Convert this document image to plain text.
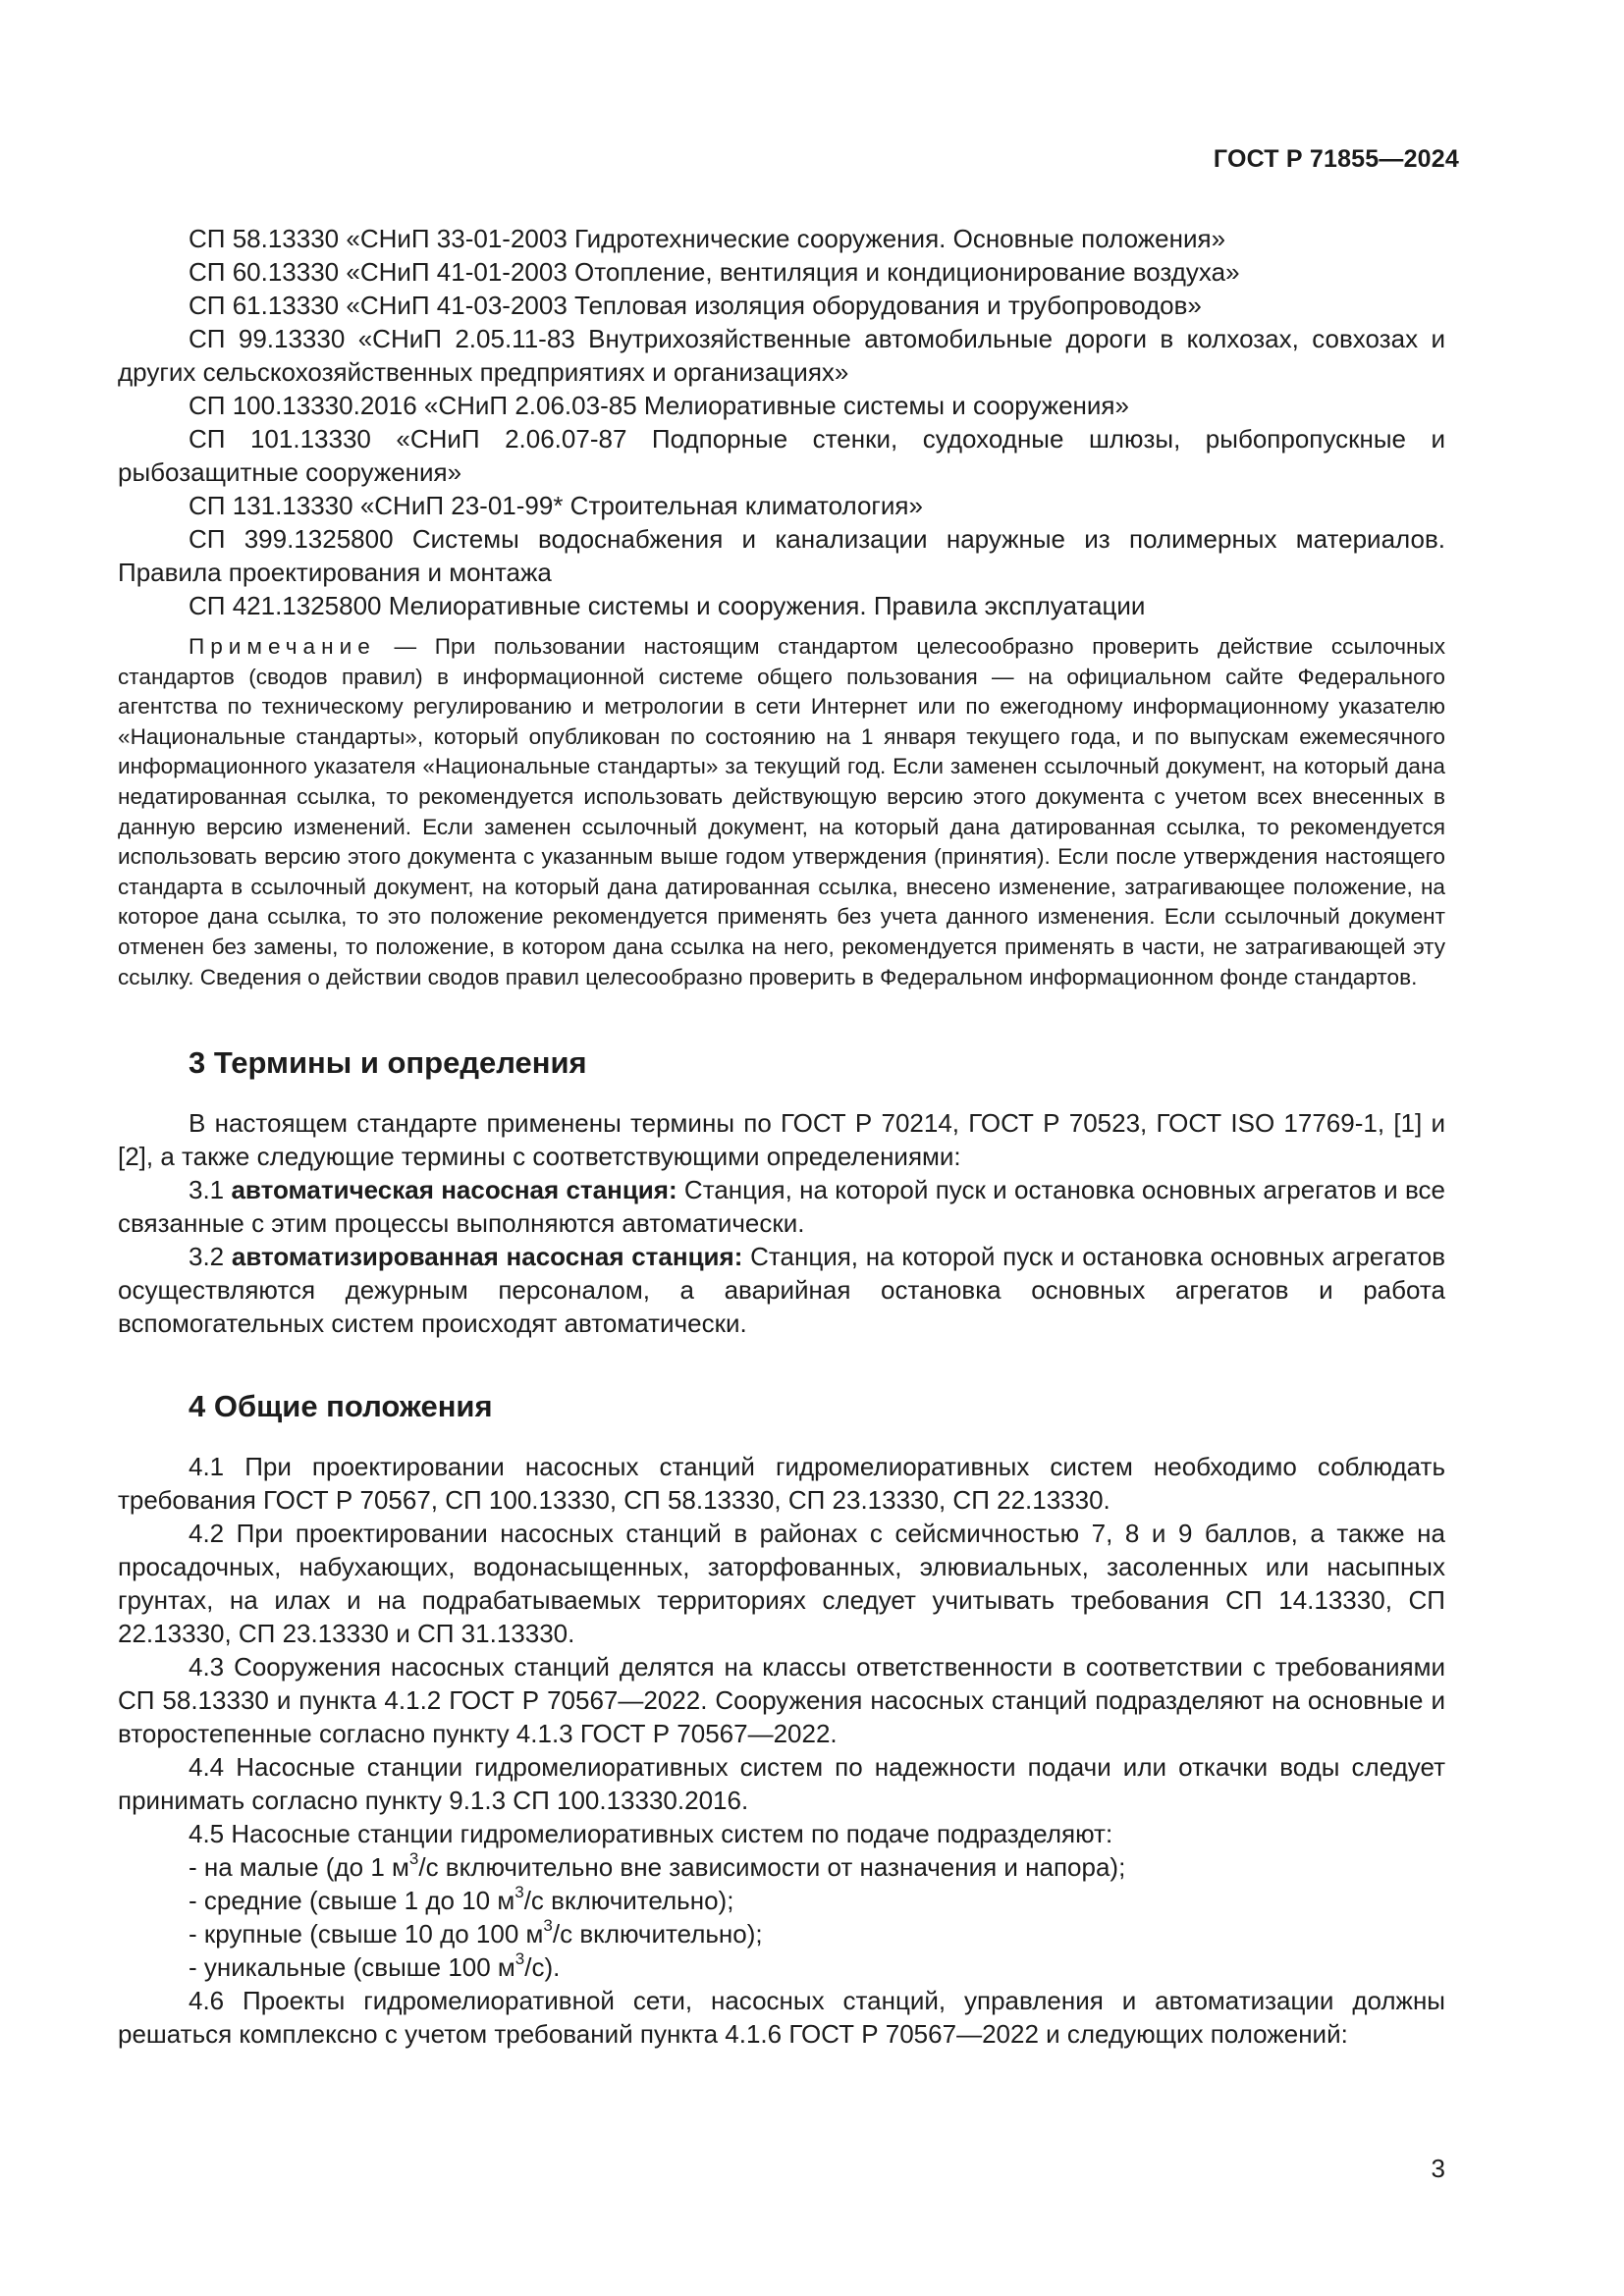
ГОСТ Р 71855—2024

СП 58.13330 «СНиП 33-01-2003 Гидротехнические сооружения. Основные положения»

СП 60.13330 «СНиП 41-01-2003 Отопление, вентиляция и кондиционирование воздуха»

СП 61.13330 «СНиП 41-03-2003 Тепловая изоляция оборудования и трубопроводов»

СП 99.13330 «СНиП 2.05.11-83 Внутрихозяйственные автомобильные дороги в колхозах, совхозах и других сельскохозяйственных предприятиях и организациях»

СП 100.13330.2016 «СНиП 2.06.03-85 Мелиоративные системы и сооружения»

СП 101.13330 «СНиП 2.06.07-87 Подпорные стенки, судоходные шлюзы, рыбопропускные и рыбозащитные сооружения»

СП 131.13330 «СНиП 23-01-99* Строительная климатология»

СП 399.1325800 Системы водоснабжения и канализации наружные из полимерных материалов. Правила проектирования и монтажа

СП 421.1325800 Мелиоративные системы и сооружения. Правила эксплуатации

Примечание — При пользовании настоящим стандартом целесообразно проверить действие ссылочных стандартов (сводов правил) в информационной системе общего пользования — на официальном сайте Федерального агентства по техническому регулированию и метрологии в сети Интернет или по ежегодному информационному указателю «Национальные стандарты», который опубликован по состоянию на 1 января текущего года, и по выпускам ежемесячного информационного указателя «Национальные стандарты» за текущий год. Если заменен ссылочный документ, на который дана недатированная ссылка, то рекомендуется использовать действующую версию этого документа с учетом всех внесенных в данную версию изменений. Если заменен ссылочный документ, на который дана датированная ссылка, то рекомендуется использовать версию этого документа с указанным выше годом утверждения (принятия). Если после утверждения настоящего стандарта в ссылочный документ, на который дана датированная ссылка, внесено изменение, затрагивающее положение, на которое дана ссылка, то это положение рекомендуется применять без учета данного изменения. Если ссылочный документ отменен без замены, то положение, в котором дана ссылка на него, рекомендуется применять в части, не затрагивающей эту ссылку. Сведения о действии сводов правил целесообразно проверить в Федеральном информационном фонде стандартов.

3 Термины и определения

В настоящем стандарте применены термины по ГОСТ Р 70214, ГОСТ Р 70523, ГОСТ ISO 17769-1, [1] и [2], а также следующие термины с соответствующими определениями:

3.1 автоматическая насосная станция: Станция, на которой пуск и остановка основных агрегатов и все связанные с этим процессы выполняются автоматически.

3.2 автоматизированная насосная станция: Станция, на которой пуск и остановка основных агрегатов осуществляются дежурным персоналом, а аварийная остановка основных агрегатов и работа вспомогательных систем происходят автоматически.

4 Общие положения

4.1 При проектировании насосных станций гидромелиоративных систем необходимо соблюдать требования ГОСТ Р 70567, СП 100.13330, СП 58.13330, СП 23.13330, СП 22.13330.

4.2 При проектировании насосных станций в районах с сейсмичностью 7, 8 и 9 баллов, а также на просадочных, набухающих, водонасыщенных, заторфованных, элювиальных, засоленных или насыпных грунтах, на илах и на подрабатываемых территориях следует учитывать требования СП 14.13330, СП 22.13330, СП 23.13330 и СП 31.13330.

4.3 Сооружения насосных станций делятся на классы ответственности в соответствии с требованиями СП 58.13330 и пункта 4.1.2 ГОСТ Р 70567—2022. Сооружения насосных станций подразделяют на основные и второстепенные согласно пункту 4.1.3 ГОСТ Р 70567—2022.

4.4 Насосные станции гидромелиоративных систем по надежности подачи или откачки воды следует принимать согласно пункту 9.1.3 СП 100.13330.2016.

4.5 Насосные станции гидромелиоративных систем по подаче подразделяют:

- на малые (до 1 $м^3/с$ включительно вне зависимости от назначения и напора);

- средние (свыше 1 до 10 $м^3/с$ включительно);

- крупные (свыше 10 до 100 $м^3/с$ включительно);

- уникальные (свыше 100 $м^3/с$).

4.6 Проекты гидромелиоративной сети, насосных станций, управления и автоматизации должны решаться комплексно с учетом требований пункта 4.1.6 ГОСТ Р 70567—2022 и следующих положений:

3
